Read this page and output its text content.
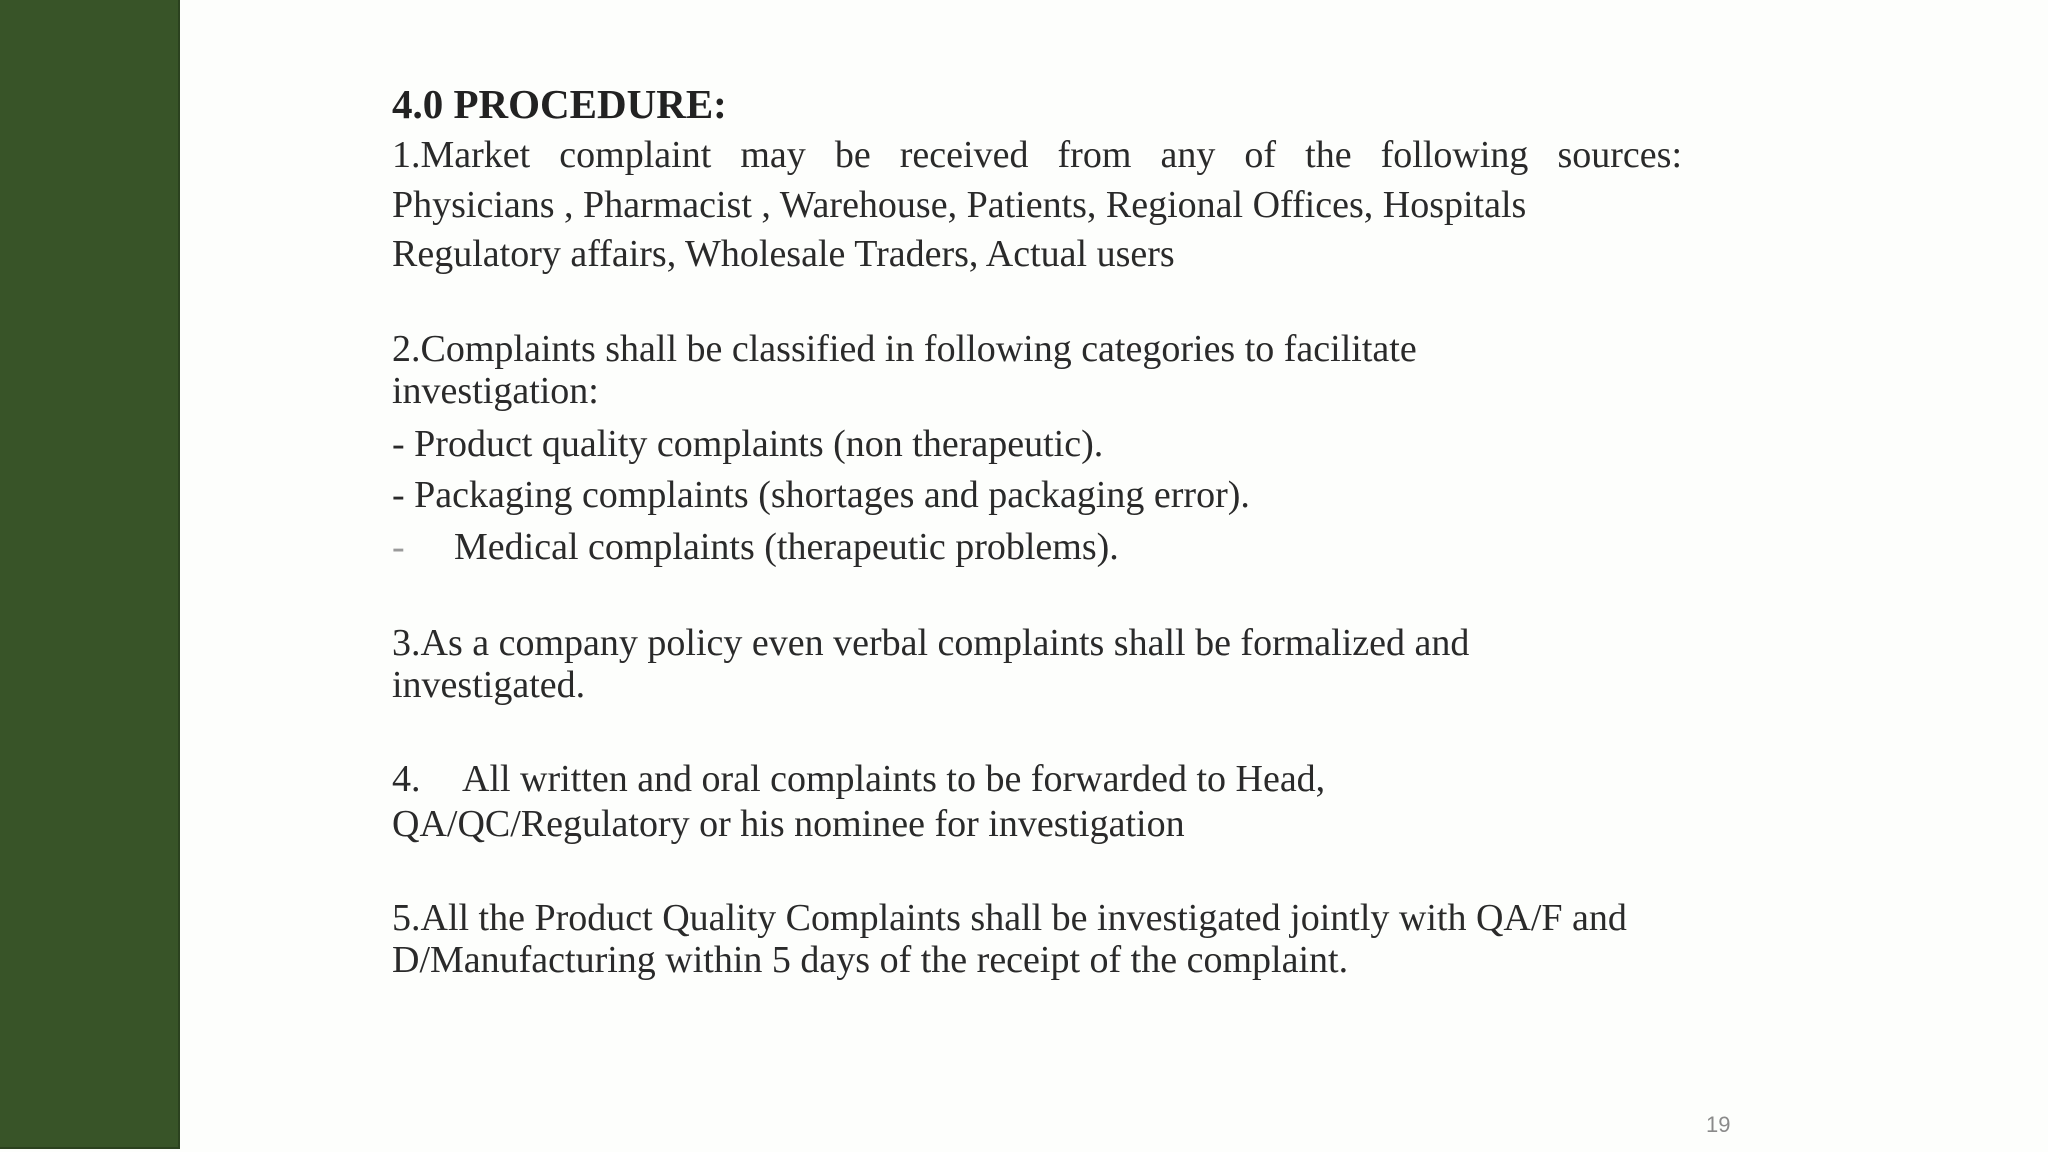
4.0 PROCEDURE:

1.Market complaint may be received from any of the following sources:

Physicians , Pharmacist , Warehouse, Patients, Regional Offices, Hospitals

Regulatory affairs, Wholesale Traders, Actual users

2.Complaints shall be classified in following categories to facilitate investigation:

- Product quality complaints (non therapeutic).

- Packaging complaints (shortages and packaging error).

- Medical complaints (therapeutic problems).

3.As a company policy even verbal complaints shall be formalized and investigated.

4. All written and oral complaints to be forwarded to Head,

QA/QC/Regulatory or his nominee for investigation

5.All the Product Quality Complaints shall be investigated jointly with QA/F and D/Manufacturing within 5 days of the receipt of the complaint.

19
